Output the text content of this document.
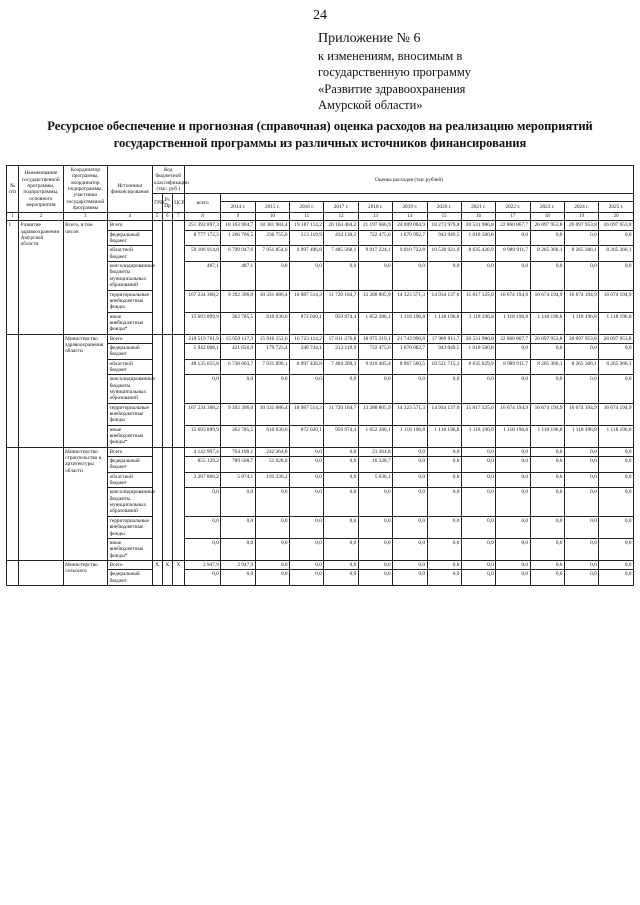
24
Приложение № 6
к изменениям, вносимым в
государственную программу
«Развитие здравоохранения
Амурской области»
Ресурсное обеспечение и прогнозная (справочная) оценка расходов на реализацию мероприятий
государственной программы из различных источников финансирования
№ п/п	Наименование государственной программы, подпрограммы, основного мероприятия	Координатор программы, координатор подпрограммы, участники государственной программы	Источники финансирования	Код бюджетной классификации (тыс. руб.)			Оценка расходов (тыс.рублей)												
				ГРБС	Рз Пр	ЦСР	всего												
								2014 г.	2015 г.	2016 г.	2017 г.	2018 г.	2019 г.	2020 г.	2021 г.	2022 г.	2023 г.	2024 г.	2025 г.
1	2	3	4	5	6	7	8	9	10	11	12	13	14	15	16	17	18	19	20
1	Развитие здравоохранения Амурской области	Всего, в том числе:	Всего				251 392 897,3	18 163 904,7	18 381 984,4	19 187 114,2	20 164 404,2	21 197 066,9	24 009 064,9	18 273 979,8	20 531 986,8	22 860 867,7	26 097 953,8	26 097 953,8	26 097 953,8
			федеральный бюджет				8 777 172,3	1 266 706,5	236 755,0	213 119,9	434 130,2	722 475,6	1 670 992,7	943 949,5	1 018 500,8	0,0	0,0	0,0	0,0
			областной бюджет				59 186 914,8	6 799 947,6	7 051 854,6	6 997 496,8	7 485 568,1	9 017 224,1	9 010 722,8	10 538 921,9	8 635 426,9	8 989 911,7	8 265 366,1	8 265 366,1	8 265 366,1
			консолидированные бюджеты муниципальных образований				487,1	487,1	0,0	0,0	0,0	0,0	0,0	0,0	0,0	0,0	0,0	0,0	0,0
			территориальные внебюджетные фонды				167 234 368,2	9 392 396,0	10 331 686,4	10 987 514,3	11 720 184,7	13 280 805,9	14 323 571,3	14 934 137,0	15 817 325,0	16 674 194,9	16 674 194,9	16 674 194,9	16 674 194,9
			иные внебюджетные фонды*				15 693 899,9	362 785,5	610 036,6	872 020,1	959 974,4	1 052 286,1	1 118 196,8	1 118 196,8	1 118 196,8	1 118 196,8	1 118 196,8	1 118 196,8	1 118 196,8
		Министерство здравоохранения области	Всего				218 519 761,9	15 959 117,3	15 916 152,6	16 723 114,2	17 811 276,8	18 975 219,1	21 743 990,8	17 989 911,7	20 531 986,8	22 860 867,7	26 097 953,8	26 097 953,8	26 097 953,8
			федеральный бюджет				5 942 008,1	421 656,9	179 725,4	240 744,1	213 119,9	722 475,6	1 670 082,7	943 949,5	1 018 500,8	0,0	0,0	0,0	0,0
			областной бюджет				48 135 055,8	6 738 603,7	7 031 090,1	6 997 436,8	7 404 209,3	9 010 405,4	8 967 560,5	10 521 715,3	8 635 029,9	8 989 911,7	8 265 366,1	8 265 366,1	8 265 366,1
			консолидированные бюджеты муниципальных образований				0,0	0,0	0,0	0,0	0,0	0,0	0,0	0,0	0,0	0,0	0,0	0,0	0,0
			территориальные внебюджетные фонды				167 234 368,2	9 392 396,0	10 331 686,4	10 987 514,3	11 720 184,7	13 280 805,9	14 323 571,3	14 934 137,0	15 817 325,0	16 674 194,9	16 674 194,9	16 674 194,9	16 674 194,9
			иные внебюджетные фонды*				15 693 899,9	362 785,5	610 036,6	872 020,1	959 974,4	1 052 286,1	1 118 196,8	1 118 196,8	1 118 196,8	1 118 196,8	1 118 196,8	1 118 196,8	1 118 196,8
		Министерство строительства и архитектуры области	Всего				4 142 997,4	764 100,1	242 364,8	0,0	0,0	21 364,8	0,0	0,0	0,0	0,0	0,0	0,0	0,0
			федеральный бюджет				855 129,2	789 508,7	51 028,6	0,0	0,0	16 328,7	0,0	0,0	0,0	0,0	0,0	0,0	0,0
			областной бюджет				3 287 868,2	5 874,1	191 336,2	0,0	0,0	5 036,1	0,0	0,0	0,0	0,0	0,0	0,0	0,0
			консолидированные бюджеты муниципальных образований				0,0	0,0	0,0	0,0	0,0	0,0	0,0	0,0	0,0	0,0	0,0	0,0	0,0
			территориальные внебюджетные фонды				0,0	0,0	0,0	0,0	0,0	0,0	0,0	0,0	0,0	0,0	0,0	0,0	0,0
			иные внебюджетные фонды*				0,0	0,0	0,0	0,0	0,0	0,0	0,0	0,0	0,0	0,0	0,0	0,0	0,0
		Министерство сельского	Всего	X	X	X	2 947,9	2 947,9	0,0	0,0	0,0	0,0	0,0	0,0	0,0	0,0	0,0	0,0	0,0
			федеральный бюджет				0,0	0,0	0,0	0,0	0,0	0,0	0,0	0,0	0,0	0,0	0,0	0,0	0,0
